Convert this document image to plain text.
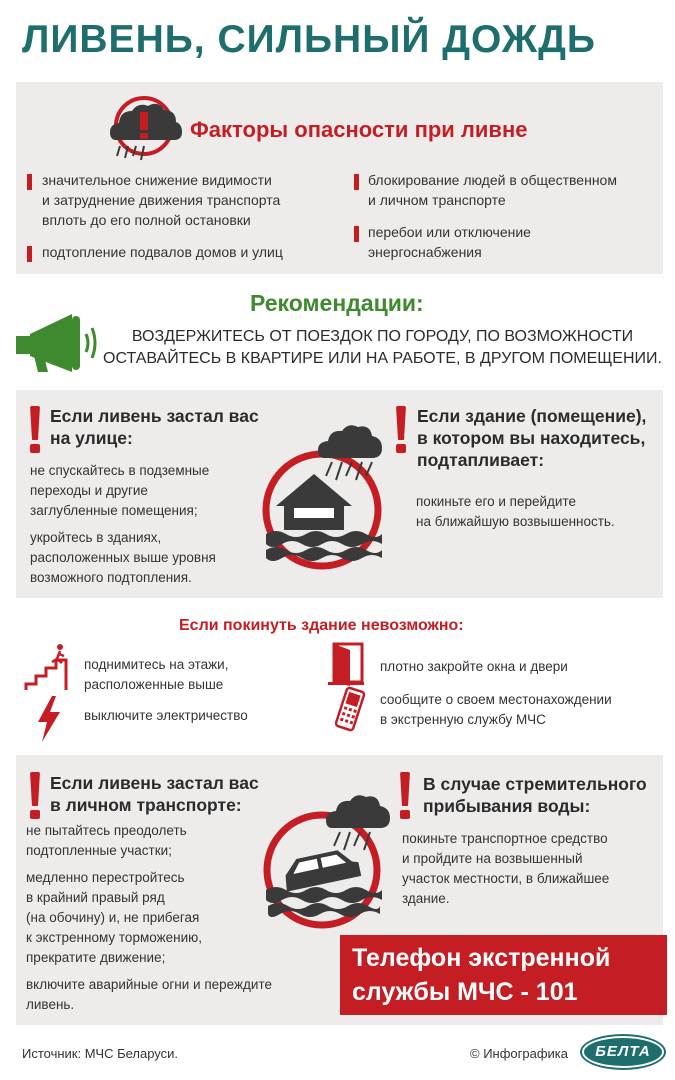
ЛИВЕНЬ, СИЛЬНЫЙ ДОЖДЬ
Факторы опасности при ливне
значительное снижение видимости
и затруднение движения транспорта
вплоть до его полной остановки
подтопление подвалов домов и улиц
блокирование людей в общественном
и личном транспорте
перебои или отключение
энергоснабжения
Рекомендации:
ВОЗДЕРЖИТЕСЬ ОТ ПОЕЗДОК ПО ГОРОДУ, ПО ВОЗМОЖНОСТИ
ОСТАВАЙТЕСЬ В КВАРТИРЕ ИЛИ НА РАБОТЕ, В ДРУГОМ ПОМЕЩЕНИИ.
Если ливень застал вас
на улице:
не спускайтесь в подземные
переходы и другие
заглубленные помещения;
укройтесь в зданиях,
расположенных выше уровня
возможного подтопления.
Если здание (помещение),
в котором вы находитесь,
подтапливает:
покиньте его и перейдите
на ближайшую возвышенность.
Если покинуть здание невозможно:
поднимитесь на этажи,
расположенные выше
выключите электричество
плотно закройте окна и двери
сообщите о своем местонахождении
в экстренную службу МЧС
Если ливень застал вас
в личном транспорте:
не пытайтесь преодолеть
подтопленные участки;
медленно перестройтесь
в крайний правый ряд
(на обочину) и, не прибегая
к экстренному торможению,
прекратите движение;
включите аварийные огни и переждите
ливень.
В случае стремительного
прибывания воды:
покиньте транспортное средство
и пройдите на возвышенный
участок местности, в ближайшее
здание.
Телефон экстренной
службы МЧС - 101
Источник: МЧС Беларуси.	© Инфографика	БЕЛТА
